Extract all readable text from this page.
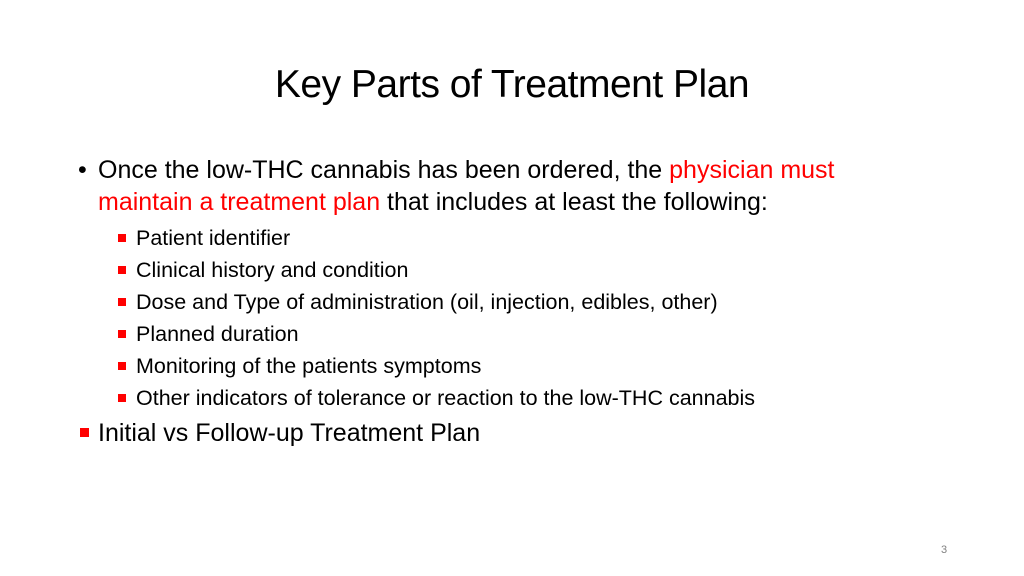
Key Parts of Treatment Plan
• Once the low-THC cannabis has been ordered, the physician must maintain a treatment plan that includes at least the following:
Patient identifier
Clinical history and condition
Dose and Type of administration (oil, injection, edibles, other)
Planned duration
Monitoring of the patients symptoms
Other indicators of tolerance or reaction to the low-THC cannabis
Initial vs Follow-up Treatment Plan
3
